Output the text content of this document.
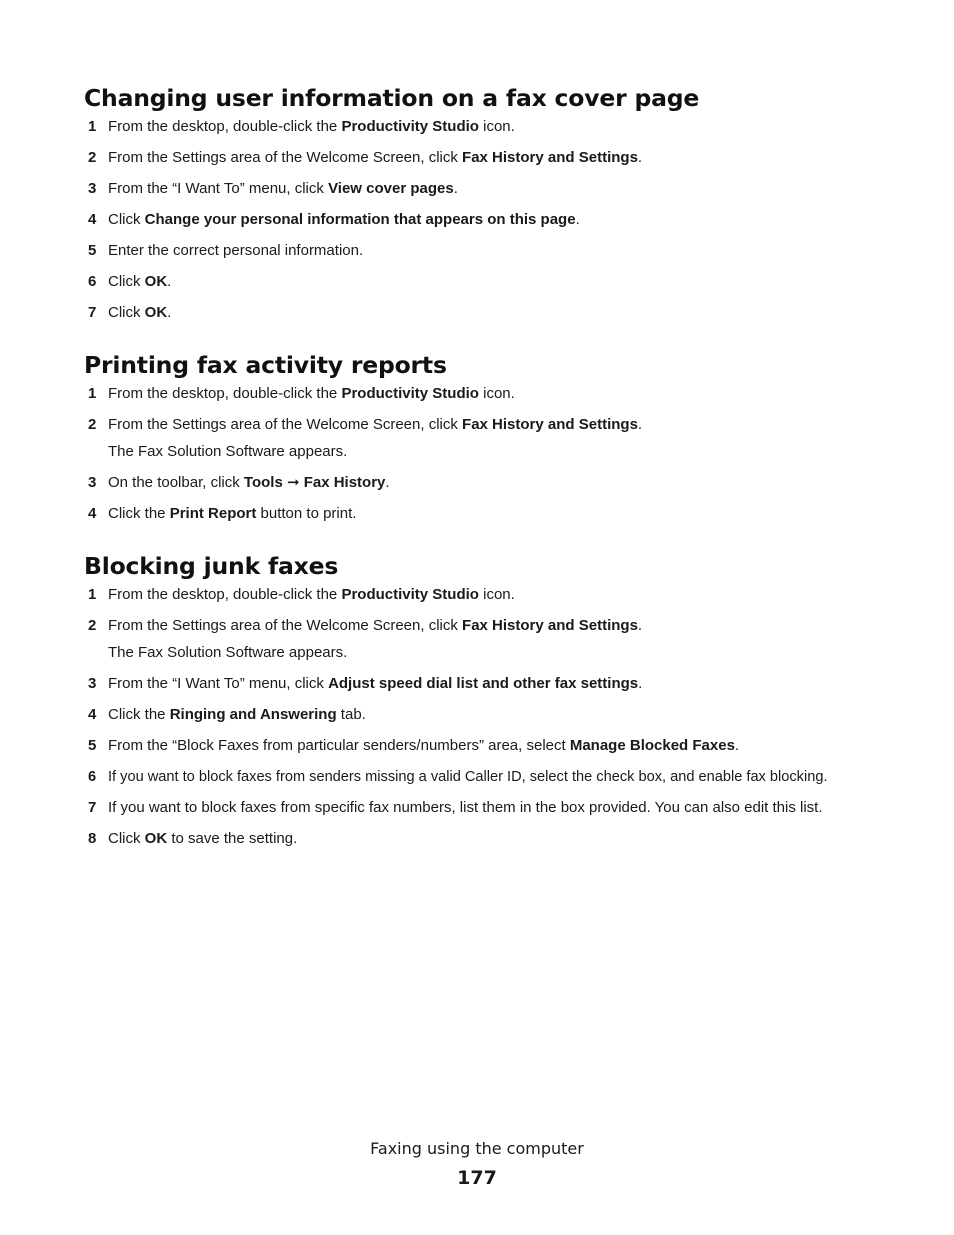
Changing user information on a fax cover page
1 From the desktop, double-click the Productivity Studio icon.
2 From the Settings area of the Welcome Screen, click Fax History and Settings.
3 From the “I Want To” menu, click View cover pages.
4 Click Change your personal information that appears on this page.
5 Enter the correct personal information.
6 Click OK.
7 Click OK.
Printing fax activity reports
1 From the desktop, double-click the Productivity Studio icon.
2 From the Settings area of the Welcome Screen, click Fax History and Settings.
The Fax Solution Software appears.
3 On the toolbar, click Tools ➞ Fax History.
4 Click the Print Report button to print.
Blocking junk faxes
1 From the desktop, double-click the Productivity Studio icon.
2 From the Settings area of the Welcome Screen, click Fax History and Settings.
The Fax Solution Software appears.
3 From the “I Want To” menu, click Adjust speed dial list and other fax settings.
4 Click the Ringing and Answering tab.
5 From the “Block Faxes from particular senders/numbers” area, select Manage Blocked Faxes.
6 If you want to block faxes from senders missing a valid Caller ID, select the check box, and enable fax blocking.
7 If you want to block faxes from specific fax numbers, list them in the box provided. You can also edit this list.
8 Click OK to save the setting.
Faxing using the computer
177
